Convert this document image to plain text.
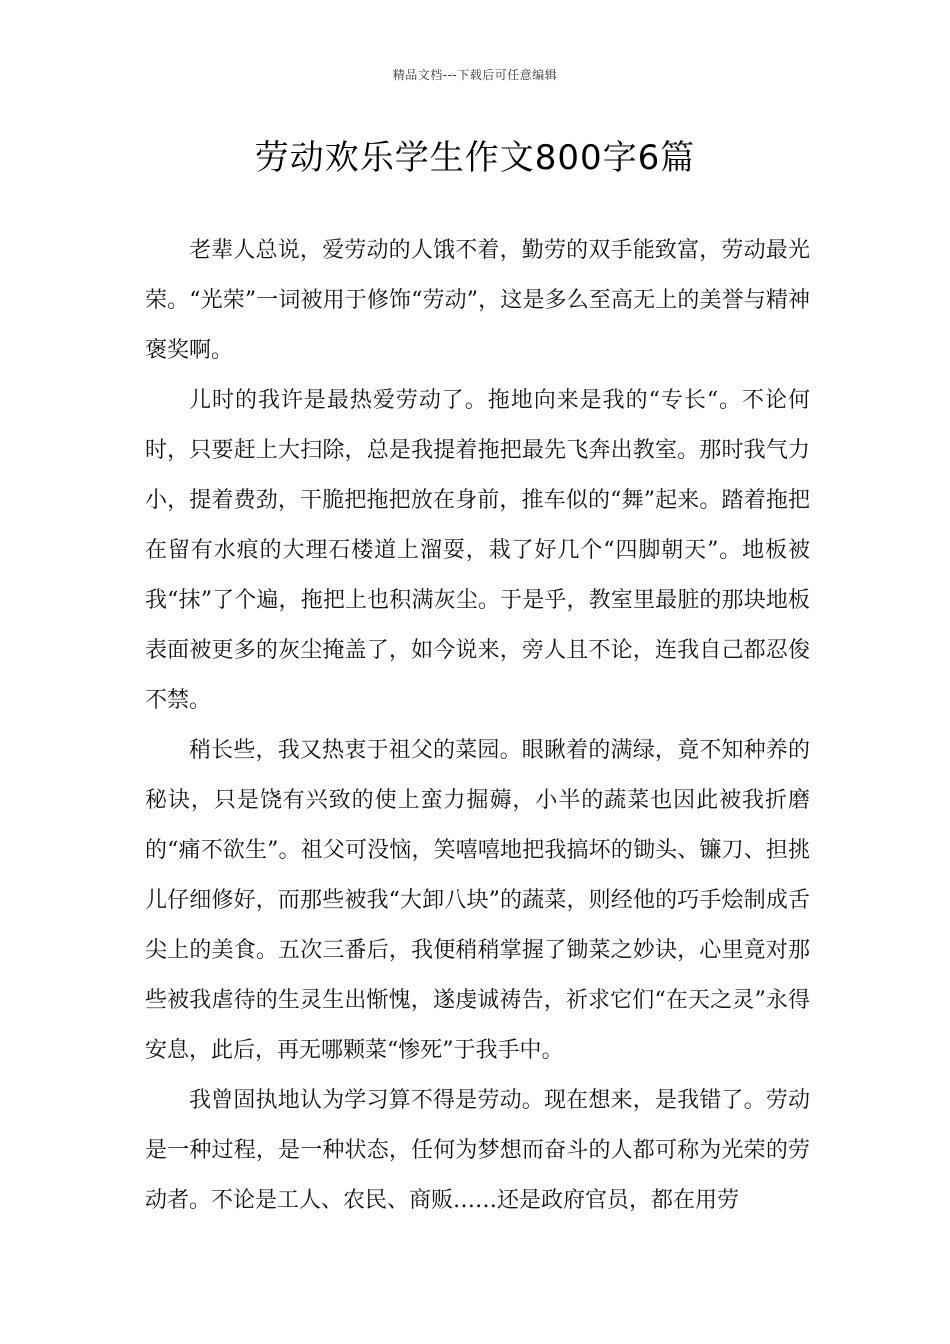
精品文档---下载后可任意编辑
劳动欢乐学生作文800字6篇

老辈人总说，爱劳动的人饿不着，勤劳的双手能致富，劳动最光荣。“光荣”一词被用于修饰“劳动”，这是多么至高无上的美誉与精神褒奖啊。

儿时的我许是最热爱劳动了。拖地向来是我的“专长“。不论何时，只要赶上大扫除，总是我提着拖把最先飞奔出教室。那时我气力小，提着费劲，干脆把拖把放在身前，推车似的“舞”起来。踏着拖把在留有水痕的大理石楼道上溜耍，栽了好几个“四脚朝天”。地板被我“抹”了个遍，拖把上也积满灰尘。于是乎，教室里最脏的那块地板表面被更多的灰尘掩盖了，如今说来，旁人且不论，连我自己都忍俊不禁。

稍长些，我又热衷于祖父的菜园。眼瞅着的满绿，竟不知种养的秘诀，只是饶有兴致的使上蛮力掘薅，小半的蔬菜也因此被我折磨的“痛不欲生”。祖父可没恼，笑嘻嘻地把我搞坏的锄头、镰刀、担挑儿仔细修好，而那些被我“大卸八块”的蔬菜，则经他的巧手烩制成舌尖上的美食。五次三番后，我便稍稍掌握了锄菜之妙诀，心里竟对那些被我虐待的生灵生出惭愧，遂虔诚祷告，祈求它们“在天之灵”永得安息，此后，再无哪颗菜“惨死”于我手中。

我曾固执地认为学习算不得是劳动。现在想来，是我错了。劳动是一种过程，是一种状态，任何为梦想而奋斗的人都可称为光荣的劳动者。不论是工人、农民、商贩……还是政府官员，都在用劳
